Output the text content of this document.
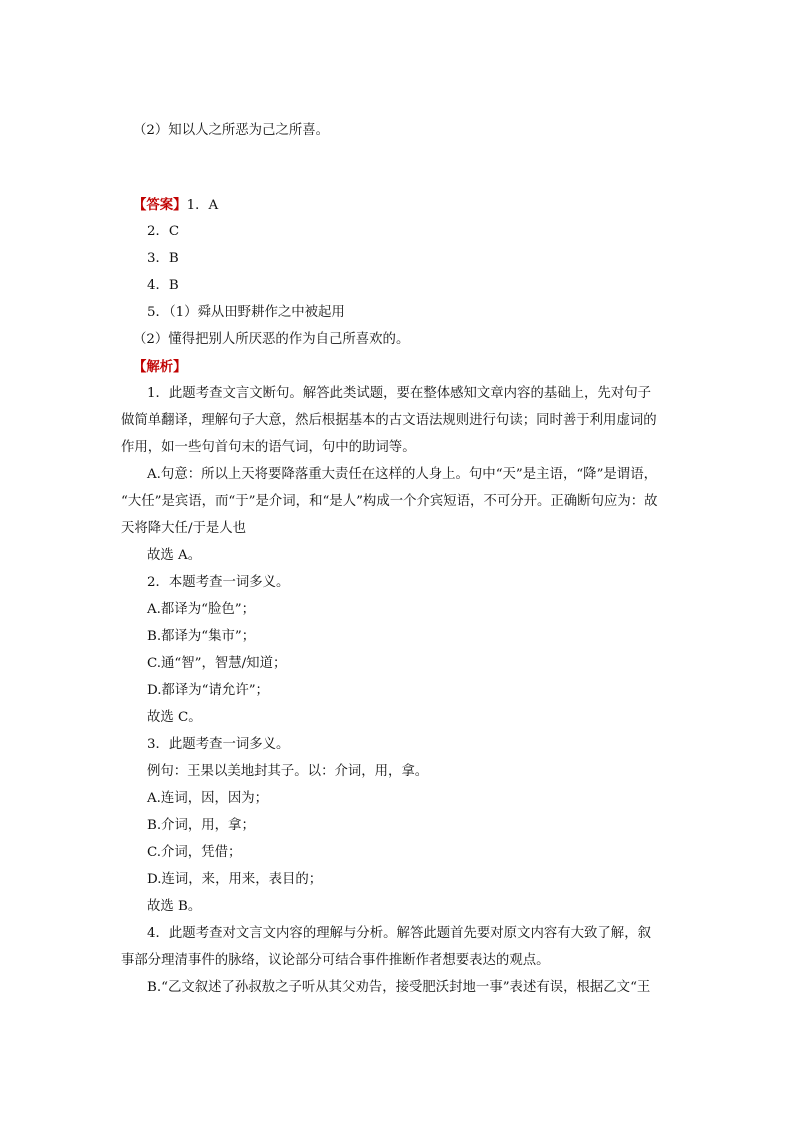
（2）知以人之所恶为己之所喜。
【答案】1．A
2．C
3．B
4．B
5．（1）舜从田野耕作之中被起用
（2）懂得把别人所厌恶的作为自己所喜欢的。
【解析】
1．此题考查文言文断句。解答此类试题，要在整体感知文章内容的基础上，先对句子
做简单翻译，理解句子大意，然后根据基本的古文语法规则进行句读；同时善于利用虚词的
作用，如一些句首句末的语气词，句中的助词等。
A.句意：所以上天将要降落重大责任在这样的人身上。句中“天”是主语，“降”是谓语，
“大任”是宾语，而“于”是介词，和“是人”构成一个介宾短语，不可分开。正确断句应为：故
天将降大任/于是人也
故选 A。
2．本题考查一词多义。
A.都译为“脸色”；
B.都译为“集市”；
C.通“智”，智慧/知道；
D.都译为“请允许”；
故选 C。
3．此题考查一词多义。
例句：王果以美地封其子。以：介词，用，拿。
A.连词，因，因为；
B.介词，用，拿；
C.介词，凭借；
D.连词，来，用来，表目的；
故选 B。
4．此题考查对文言文内容的理解与分析。解答此题首先要对原文内容有大致了解，叙
事部分理清事件的脉络，议论部分可结合事件推断作者想要表达的观点。
B.“乙文叙述了孙叔敖之子听从其父劝告，接受肥沃封地一事”表述有误，根据乙文“王
